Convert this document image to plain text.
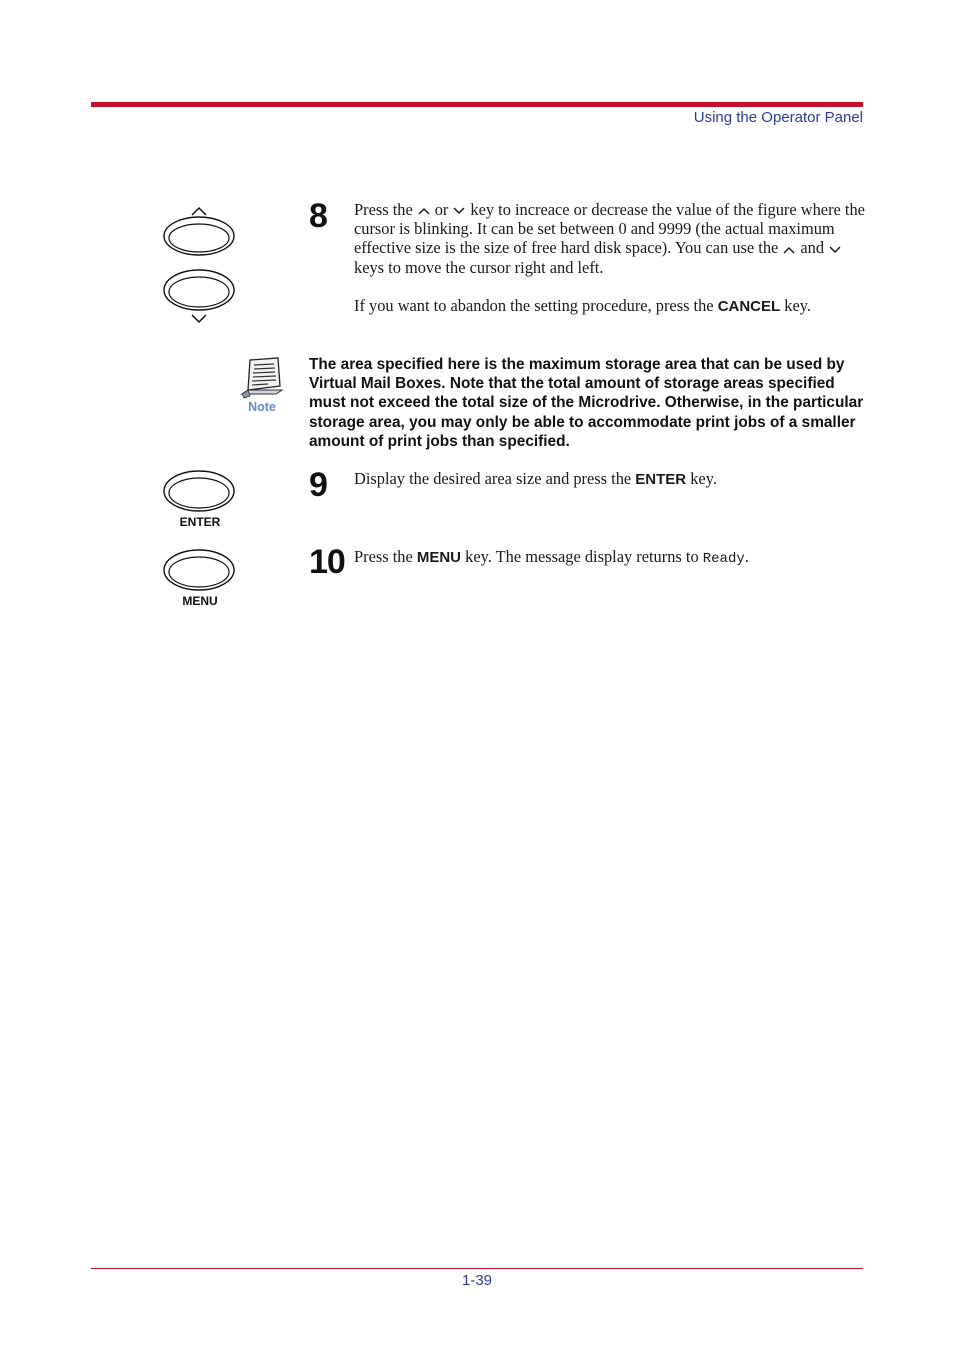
Using the Operator Panel
8 Press the or key to increace or decrease the value of the figure where the cursor is blinking. It can be set between 0 and 9999 (the actual maximum effective size is the size of free hard disk space). You can use the andkeys to move the cursor right and left.

If you want to abandon the setting procedure, press the CANCEL key.

Note
The area specified here is the maximum storage area that can be used by Virtual Mail Boxes. Note that the total amount of storage areas specified must not exceed the total size of the Microdrive. Otherwise, in the particular storage area, you may only be able to accommodate print jobs of a smaller amount of print jobs than specified.
ENTER
9 Display the desired area size and press the ENTER key.

MENU
10 Press the MENU key. The message display returns to Ready.

1-39
